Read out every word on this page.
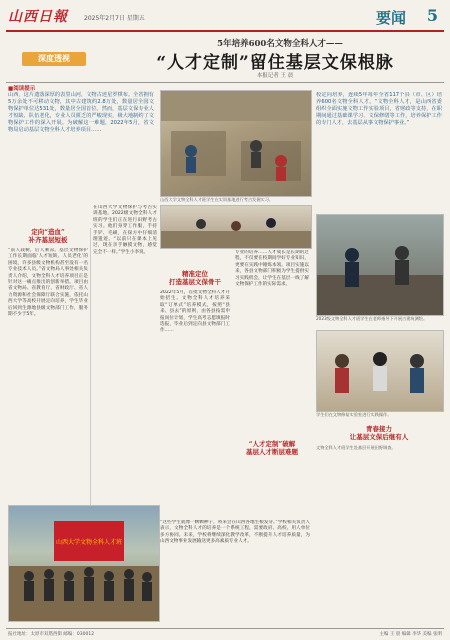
山西日報	2025年2月7日 星期五	要闻 5
深度透视
5年培养600名文物全科人才——
“人才定制”留住基层文保根脉
本报记者 王 晨
■阅读提示
山西，这片遗落深厚的表里山河，文物古迹星罗棋布。全省拥有5万余处不可移动文物，其中古建筑约2.8万处，数量居全国文物保护单位达531处，数量居全国首位。然而，基层文保专业人才短缺、队伍老化，专业人员匮乏的严峻现实，极大地制约了文物保护工作的深入开展。为破解这一难题，2022年5月，省文物局启动基层文物全科人才培养项目……
山西大学文物全科人才班学生在实训基地进行考古发掘实习。
校定向培养，连续5年每年全省117个县（市、区）培养600名文物全科人才。“文物全科人才，是山西省委组织全面实施文物工作实验项目，省财政等支持，在职期间通过基础课学习、文保修缮等工作，培养保护工作的专门人才，去基层从事文物保护事业。”
定向“造血”
补齐基层短板
“前人栽树，后人乘凉。基层文物保护工作长期面临‘人才短缺、人员老化’的困境，许多县级文物机构甚至没有一名专业技术人员。”省文物局人事处相关负责人介绍，文物全科人才培养项目正是针对这一痛点推出的创新举措。项目由省文物局、省教育厅、省财政厅、省人力资源和社会保障厅联合实施，依托山西大学等高校开展定向培养，学生毕业后回到生源地县级文物部门工作，服务期不少于5年。
在山西大学文物保护与考古实训基地，2022级文物全科人才班的学生们正在进行田野考古实习。他们身穿工作服，手持手铲、毛刷，在探方中仔细清理遗迹。“以前只在课本上见过，现在亲手触摸文物，感觉完全不一样。”学生小李说。
山西大学文物全科人才班
精准定位
打造基层文保骨干
2022年5月，首批文物全科人才开始招生。文物全科人才培养采取“订单式”培养模式，按照“县来、县去”的原则，由各县按需申报岗位计划，学生高考志愿填报时选报，毕业后到定向县文物部门工作……
专业的培养……人才成长是长期的过程，不仅要在校期间学好专业知识，更要在实践中锤炼本领。项目实施以来，各县文物部门积极为学生提供实习实践机会，让学生在基层一线了解文物保护工作的实际需求。
“人才定制”破解
基层人才断层难题
“这些学生就像一颗颗种子，将来会在山西各地生根发芽。”学校相关负责人表示，文物全科人才的培养是一个系统工程，需要政府、高校、用人单位多方协同。未来，学校将继续深化教学改革，不断提升人才培养质量，为山西文物事业发展输送更多高素质专业人才。
2023级文物全科人才班学生在老师指导下开展古建筑测绘。
学生们在文物修复实验室进行实践操作。
青春接力
让基层文保后继有人
文物全科人才班学生赴基层开展田野调查。
报社地址：太原市双塔西街 邮编：030012	主编 王 晨 编辑 李华 美编 张明
